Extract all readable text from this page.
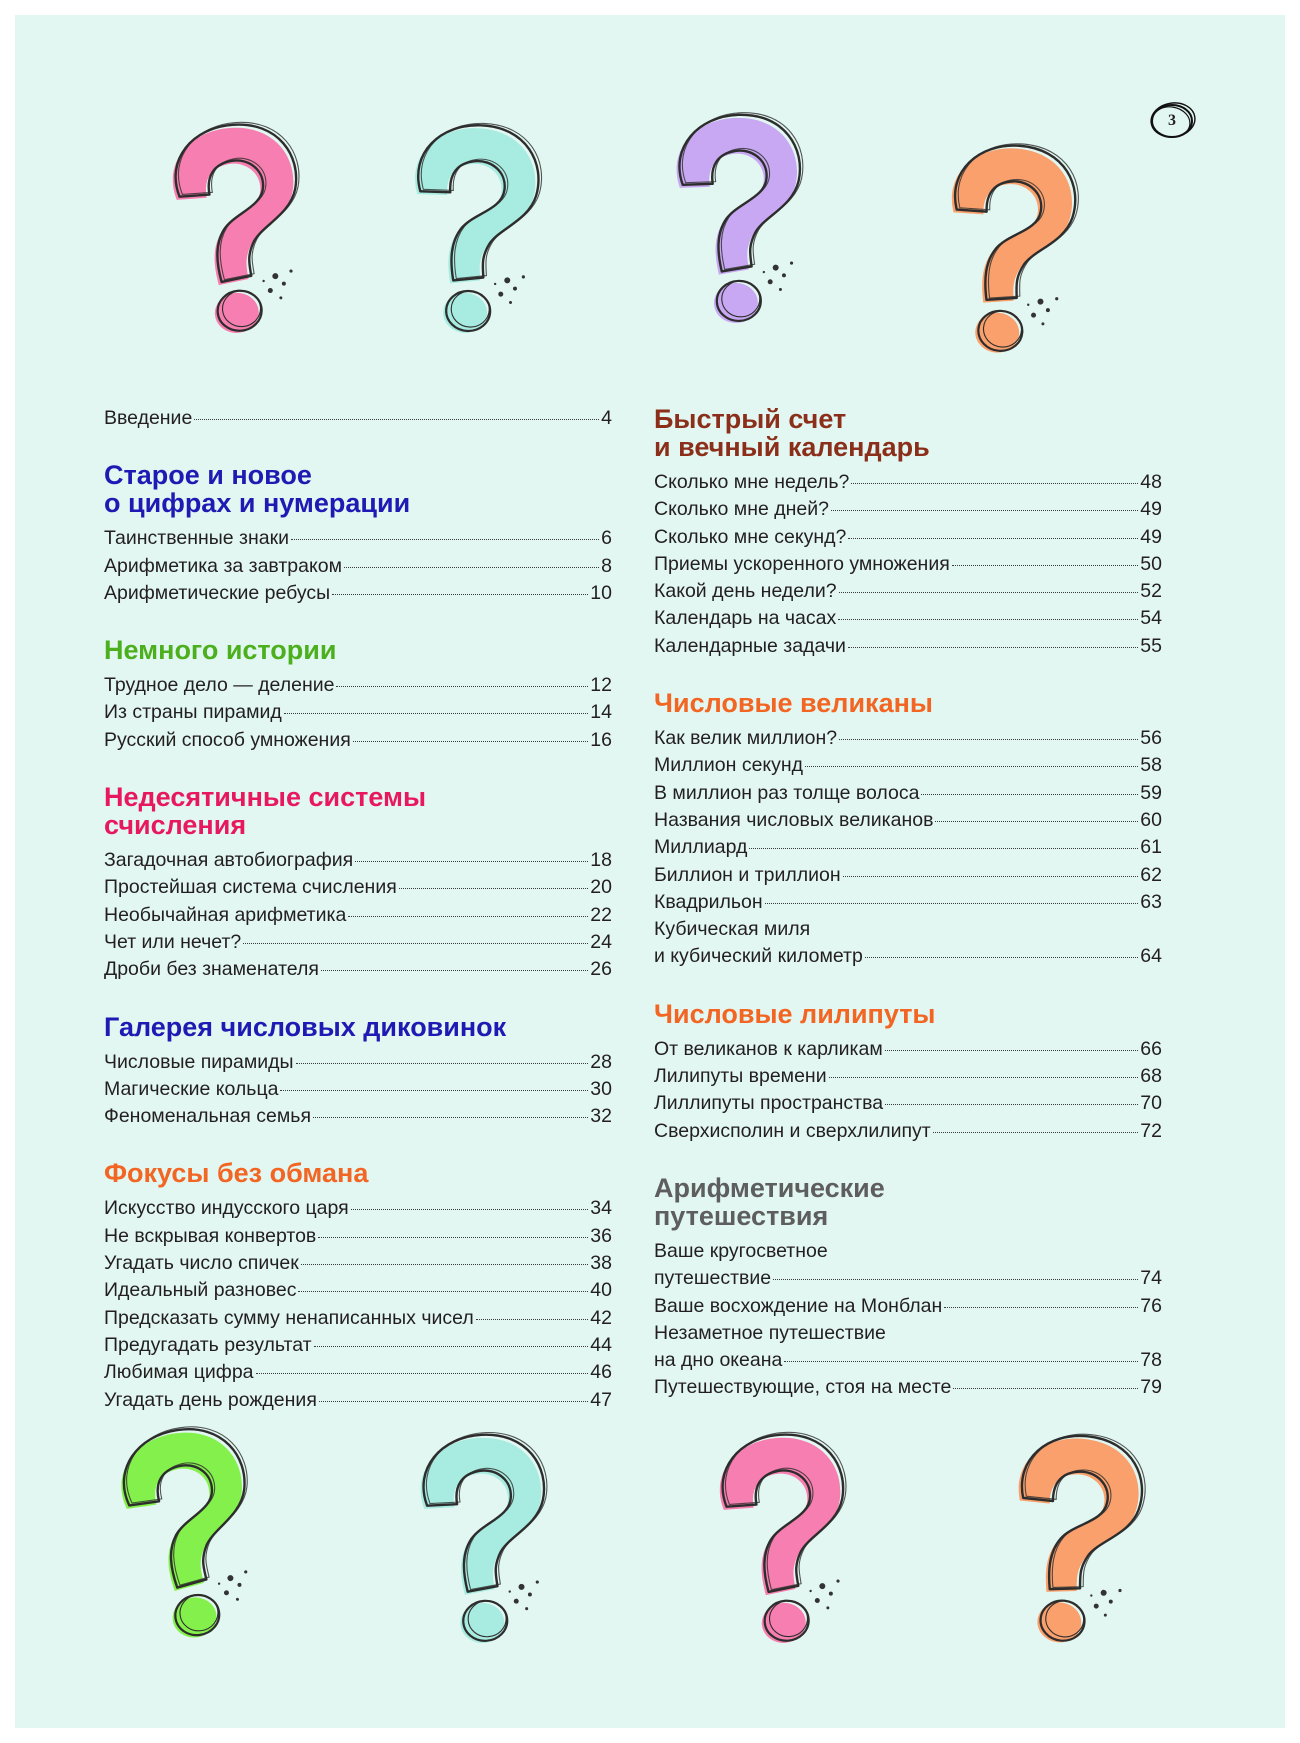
3
Введение	4
Старое и новое
о цифрах и нумерации
Таинственные знаки	6
Арифметика за завтраком	8
Арифметические ребусы	10
Немного истории
Трудное дело — деление	12
Из страны пирамид	14
Русский способ умножения	16
Недесятичные системы
счисления
Загадочная автобиография	18
Простейшая система счисления	20
Необычайная арифметика	22
Чет или нечет?	24
Дроби без знаменателя	26
Галерея числовых диковинок
Числовые пирамиды	28
Магические кольца	30
Феноменальная семья	32
Фокусы без обмана
Искусство индусского царя	34
Не вскрывая конвертов	36
Угадать число спичек	38
Идеальный разновес	40
Предсказать сумму ненаписанных чисел	42
Предугадать результат	44
Любимая цифра	46
Угадать день рождения	47
Быстрый счет
и вечный календарь
Сколько мне недель?	48
Сколько мне дней?	49
Сколько мне секунд?	49
Приемы ускоренного умножения	50
Какой день недели?	52
Календарь на часах	54
Календарные задачи	55
Числовые великаны
Как велик миллион?	56
Миллион секунд	58
В миллион раз толще волоса	59
Названия числовых великанов	60
Миллиард	61
Биллион и триллион	62
Квадрильон	63
Кубическая миля
и кубический километр	64
Числовые лилипуты
От великанов к карликам	66
Лилипуты времени	68
Лиллипуты пространства	70
Сверхисполин и сверхлилипут	72
Арифметические
путешествия
Ваше кругосветное
путешествие	74
Ваше восхождение на Монблан	76
Незаметное путешествие
на дно океана	78
Путешествующие, стоя на месте	79
